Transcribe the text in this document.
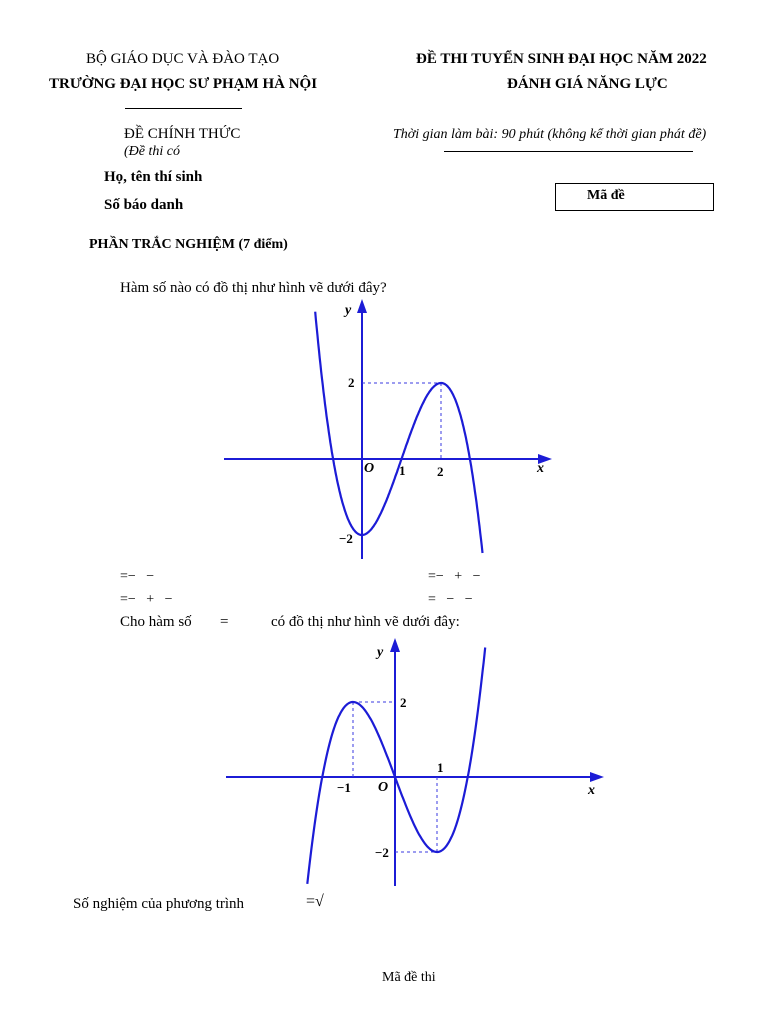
BỘ GIÁO DỤC VÀ ĐÀO TẠO
TRƯỜNG ĐẠI HỌC SƯ PHẠM HÀ NỘI
ĐỀ THI TUYỂN SINH ĐẠI HỌC NĂM 2022
ĐÁNH GIÁ NĂNG LỰC
ĐỀ CHÍNH THỨC
(Đề thi có
Thời gian làm bài: 90 phút (không kể thời gian phát đề)
Họ, tên thí sinh
Số báo danh
Mã đề
PHẦN TRẮC NGHIỆM (7 điểm)
Hàm số nào có đồ thị như hình vẽ dưới đây?
y
x
O
2
−2
1 2
=−   −	=−   +   −
=−   +   −	=   −   −
Cho hàm số =	có đồ thị như hình vẽ dưới đây:
y
x
O
2
−2
−1
1
Số nghiệm của phương trình	=√
Mã đề thi
